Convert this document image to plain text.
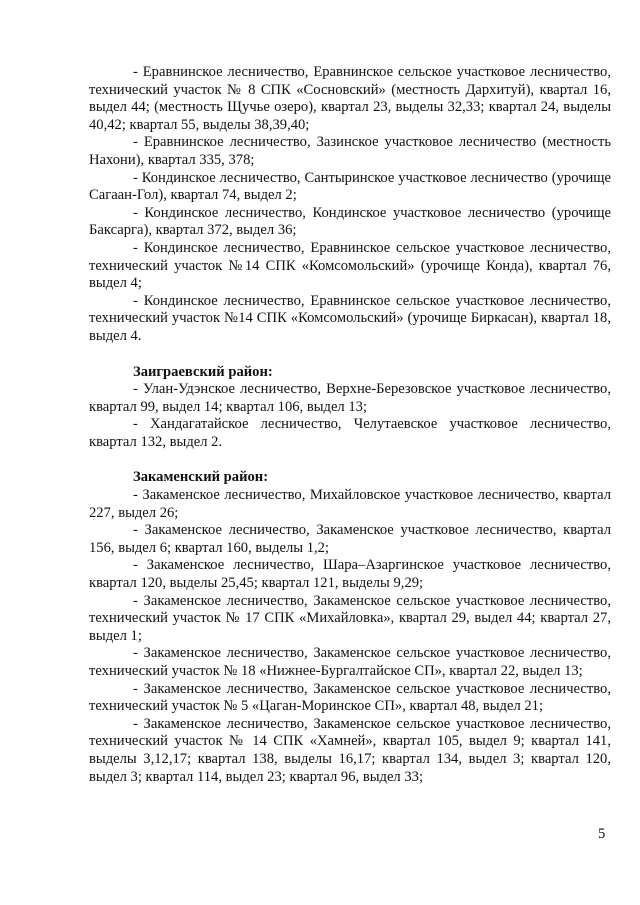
- Еравнинское лесничество, Еравнинское сельское участковое лесничество, технический участок № 8 СПК «Сосновский» (местность Дархитуй), квартал 16, выдел 44; (местность Щучье озеро), квартал 23, выделы 32,33; квартал 24, выделы 40,42; квартал 55, выделы 38,39,40;

- Еравнинское лесничество, Зазинское участковое лесничество (местность Нахони), квартал 335, 378;

- Кондинское лесничество, Сантыринское участковое лесничество (урочище Сагаан-Гол), квартал 74, выдел 2;

- Кондинское лесничество, Кондинское участковое лесничество (урочище Баксарга), квартал 372, выдел 36;

- Кондинское лесничество, Еравнинское сельское участковое лесничество, технический участок №14 СПК «Комсомольский» (урочище Конда), квартал 76, выдел 4;

- Кондинское лесничество, Еравнинское сельское участковое лесничество, технический участок №14 СПК «Комсомольский» (урочище Биркасан), квартал 18, выдел 4.

Заиграевский район:

- Улан-Удэнское лесничество, Верхне-Березовское участковое лесничество, квартал 99, выдел 14; квартал 106, выдел 13;

- Хандагатайское лесничество, Челутаевское участковое лесничество, квартал 132, выдел 2.

Закаменский район:

- Закаменское лесничество, Михайловское участковое лесничество, квартал 227, выдел 26;

- Закаменское лесничество, Закаменское участковое лесничество, квартал 156, выдел 6; квартал 160, выделы 1,2;

- Закаменское лесничество, Шара–Азаргинское участковое лесничество, квартал 120, выделы 25,45; квартал 121, выделы 9,29;

- Закаменское лесничество, Закаменское сельское участковое лесничество, технический участок № 17 СПК «Михайловка», квартал 29, выдел 44; квартал 27, выдел 1;

- Закаменское лесничество, Закаменское сельское участковое лесничество, технический участок № 18 «Нижнее-Бургалтайское СП», квартал 22, выдел 13;

- Закаменское лесничество, Закаменское сельское участковое лесничество, технический участок № 5 «Цаган-Моринское СП», квартал 48, выдел 21;

- Закаменское лесничество, Закаменское сельское участковое лесничество, технический участок № 14 СПК «Хамней», квартал 105, выдел 9; квартал 141, выделы 3,12,17; квартал 138, выделы 16,17; квартал 134, выдел 3; квартал 120, выдел 3; квартал 114, выдел 23; квартал 96, выдел 33;

5
